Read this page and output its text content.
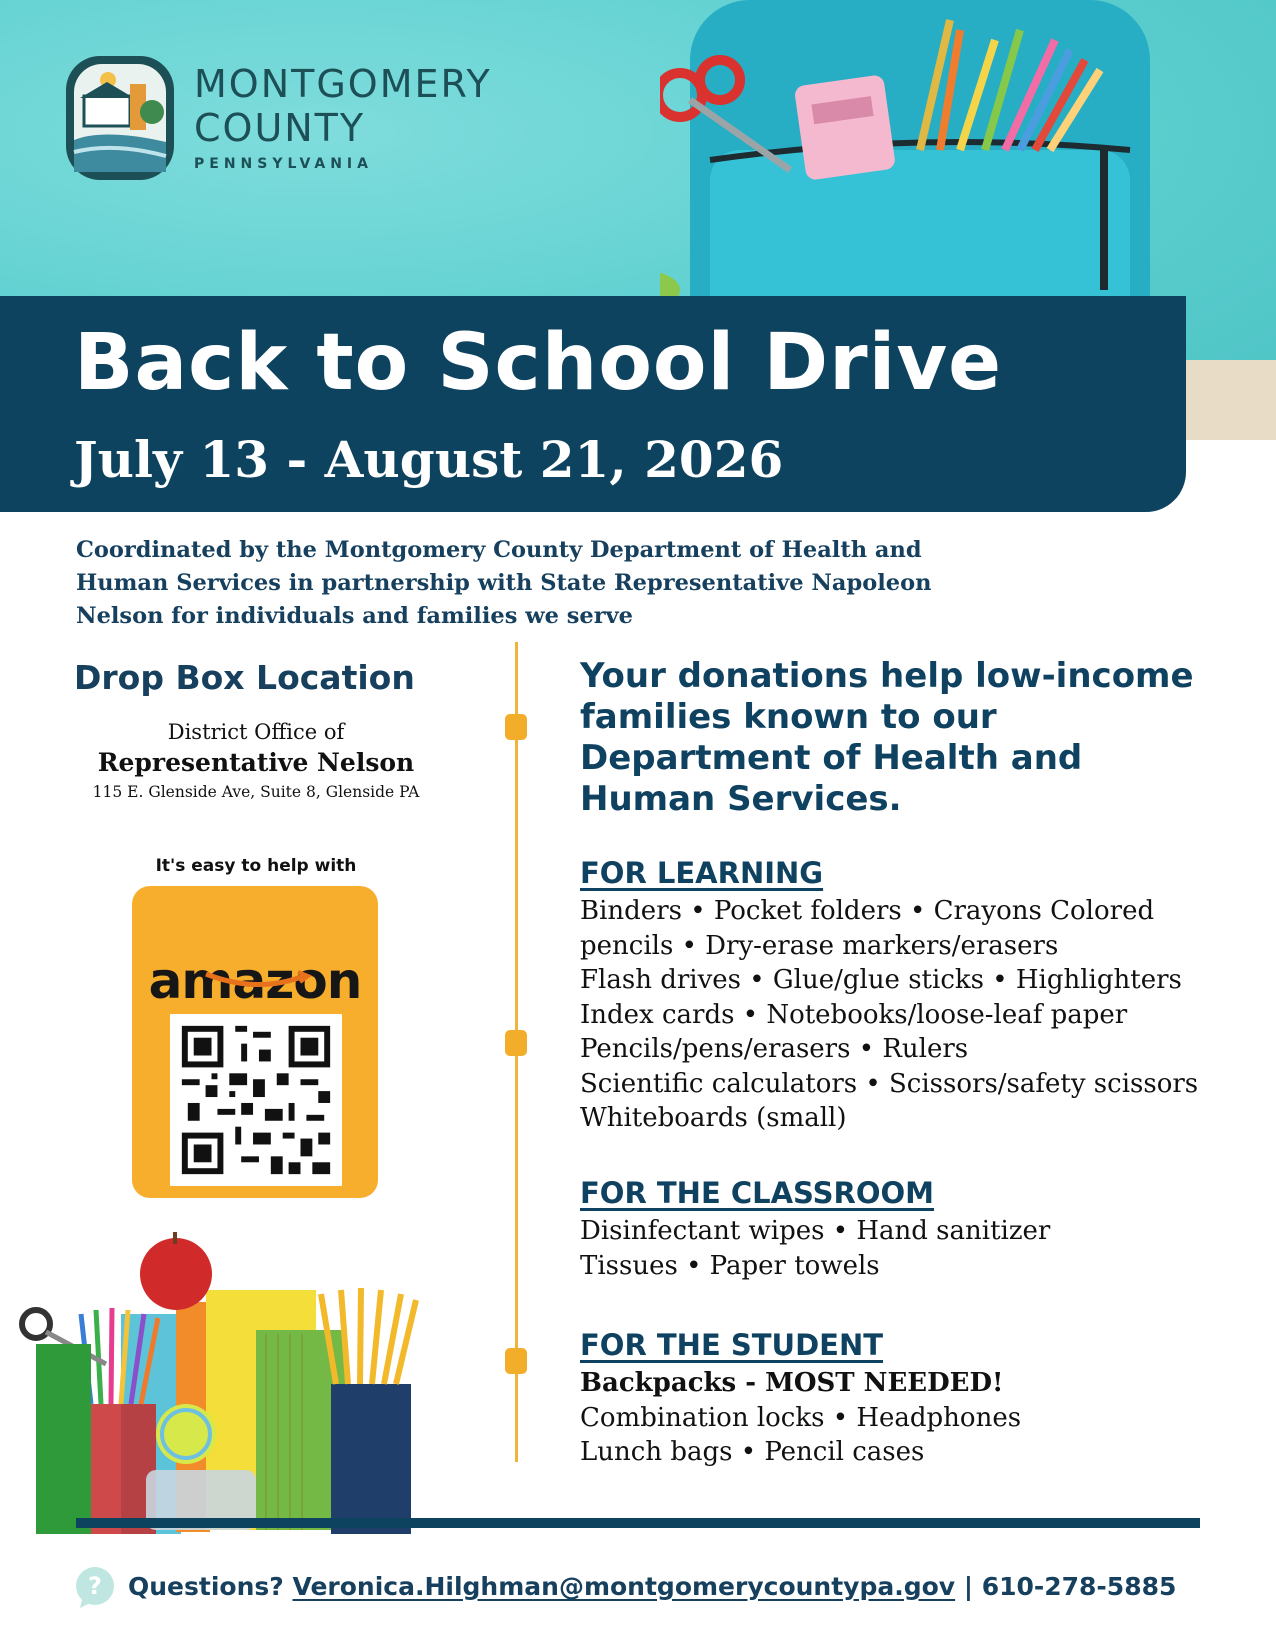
MONTGOMERY
COUNTY
PENNSYLVANIA
Back to School Drive
July 13 - August 21, 2026
Coordinated by the Montgomery County Department of Health and Human Services in partnership with State Representative Napoleon Nelson for individuals and families we serve
Drop Box Location
District Office of
Representative Nelson
115 E. Glenside Ave, Suite 8, Glenside PA
It's easy to help with
amazon
Your donations help low-income families known to our Department of Health and Human Services.
FOR LEARNING
Binders • Pocket folders • Crayons Colored
pencils • Dry-erase markers/erasers
Flash drives • Glue/glue sticks • Highlighters
Index cards • Notebooks/loose-leaf paper
Pencils/pens/erasers • Rulers
Scientific calculators • Scissors/safety scissors
Whiteboards (small)
FOR THE CLASSROOM
Disinfectant wipes • Hand sanitizer
Tissues • Paper towels
FOR THE STUDENT
Backpacks - MOST NEEDED!
Combination locks • Headphones
Lunch bags • Pencil cases
? Questions? Veronica.Hilghman@montgomerycountypa.gov | 610-278-5885
